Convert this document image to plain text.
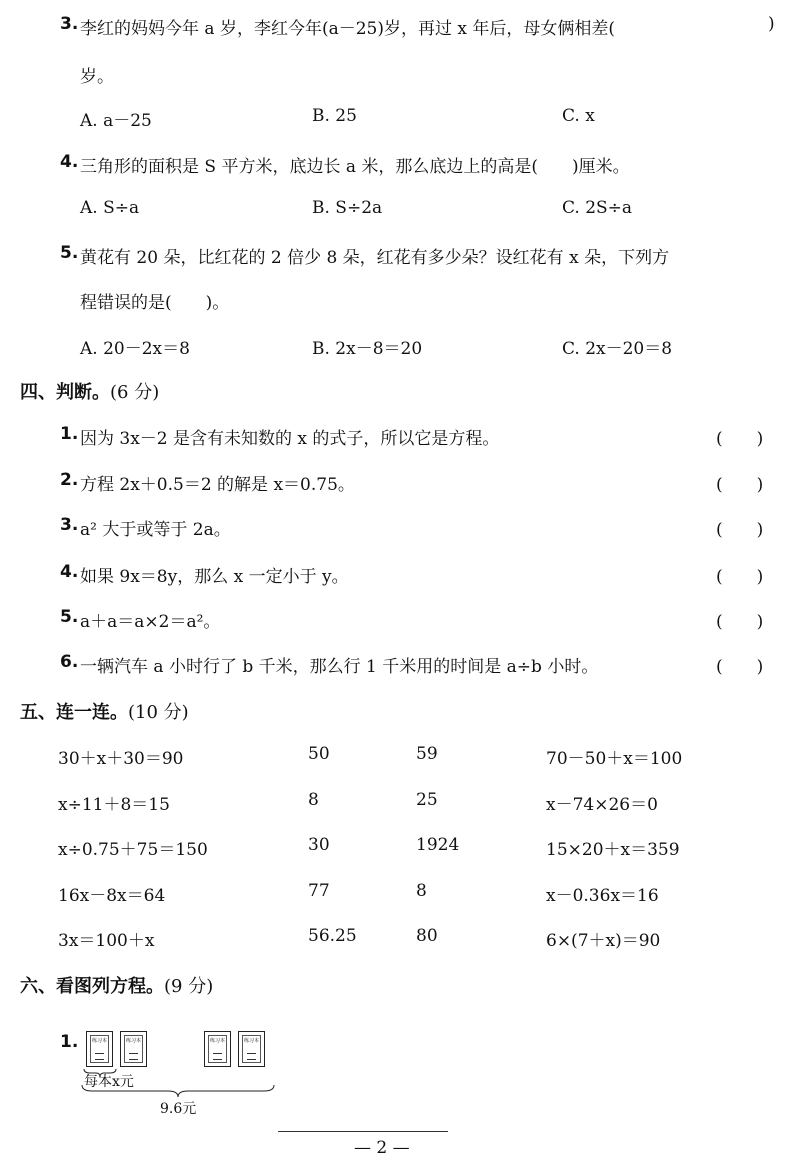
3. 李红的妈妈今年 a 岁，李红今年(a－25)岁，再过 x 年后，母女俩相差(	)
岁。
A. a－25	B. 25	C. x
4. 三角形的面积是 S 平方米，底边长 a 米，那么底边上的高是(　　)厘米。
A. S÷a	B. S÷2a	C. 2S÷a
5. 黄花有 20 朵，比红花的 2 倍少 8 朵，红花有多少朵？设红花有 x 朵，下列方
程错误的是(　　)。
A. 20－2x＝8	B. 2x－8＝20	C. 2x－20＝8
四、判断。(6 分)
1. 因为 3x－2 是含有未知数的 x 的式子，所以它是方程。	(　　)
2. 方程 2x＋0.5＝2 的解是 x＝0.75。	(　　)
3. a² 大于或等于 2a。	(　　)
4. 如果 9x＝8y，那么 x 一定小于 y。	(　　)
5. a＋a＝a×2＝a²。	(　　)
6. 一辆汽车 a 小时行了 b 千米，那么行 1 千米用的时间是 a÷b 小时。	(　　)
五、连一连。(10 分)
30＋x＋30＝90	50	59	70－50＋x＝100
x÷11＋8＝15	8	25	x－74×26＝0
x÷0.75＋75＝150	30	1924	15×20＋x＝359
16x－8x＝64	77	8	x－0.36x＝16
3x＝100＋x	56.25	80	6×(7＋x)＝90
六、看图列方程。(9 分)
1.	练习本	练习本	练习本	练习本
每本x元
9.6元
— 2 —
